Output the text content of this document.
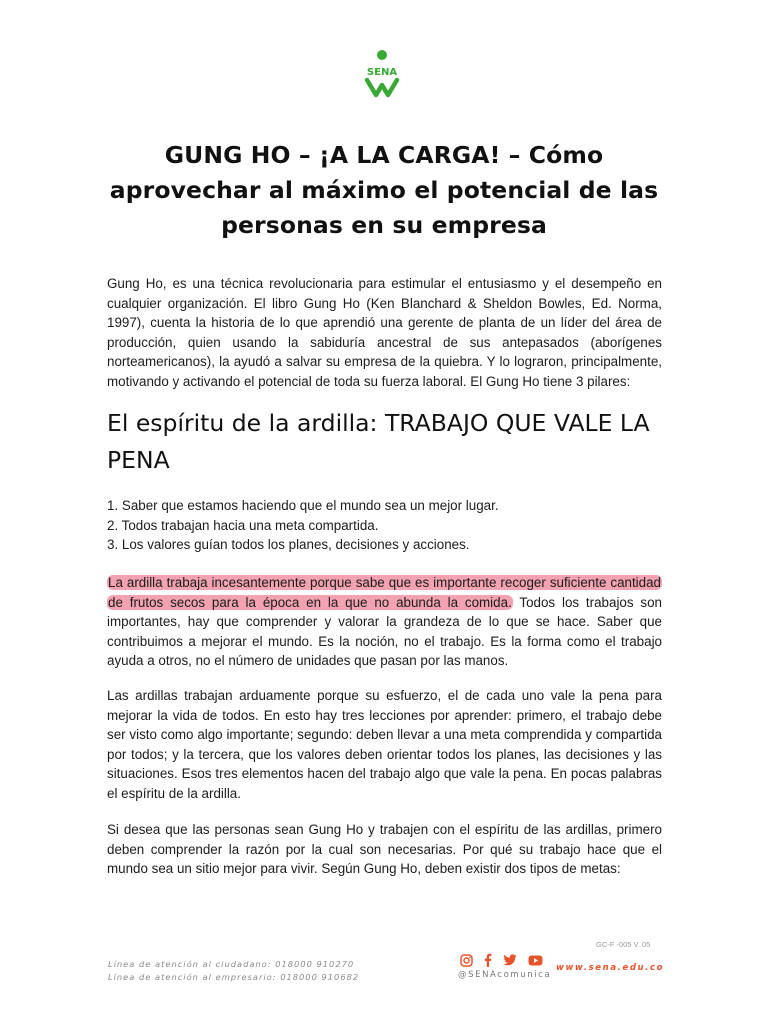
SENA
GUNG HO – ¡A LA CARGA! – Cómo aprovechar al máximo el potencial de las personas en su empresa

Gung Ho, es una técnica revolucionaria para estimular el entusiasmo y el desempeño en cualquier organización. El libro Gung Ho (Ken Blanchard & Sheldon Bowles, Ed. Norma, 1997), cuenta la historia de lo que aprendió una gerente de planta de un líder del área de producción, quien usando la sabiduría ancestral de sus antepasados (aborígenes norteamericanos), la ayudó a salvar su empresa de la quiebra. Y lo lograron, principalmente, motivando y activando el potencial de toda su fuerza laboral. El Gung Ho tiene 3 pilares:

El espíritu de la ardilla: TRABAJO QUE VALE LA PENA
1. Saber que estamos haciendo que el mundo sea un mejor lugar.
2. Todos trabajan hacia una meta compartida.
3. Los valores guían todos los planes, decisiones y acciones.

La ardilla trabaja incesantemente porque sabe que es importante recoger suficiente cantidad de frutos secos para la época en la que no abunda la comida. Todos los trabajos son importantes, hay que comprender y valorar la grandeza de lo que se hace. Saber que contribuimos a mejorar el mundo. Es la noción, no el trabajo. Es la forma como el trabajo ayuda a otros, no el número de unidades que pasan por las manos.

Las ardillas trabajan arduamente porque su esfuerzo, el de cada uno vale la pena para mejorar la vida de todos. En esto hay tres lecciones por aprender: primero, el trabajo debe ser visto como algo importante; segundo: deben llevar a una meta comprendida y compartida por todos; y la tercera, que los valores deben orientar todos los planes, las decisiones y las situaciones. Esos tres elementos hacen del trabajo algo que vale la pena. En pocas palabras el espíritu de la ardilla.

Si desea que las personas sean Gung Ho y trabajen con el espíritu de las ardillas, primero deben comprender la razón por la cual son necesarias. Por qué su trabajo hace que el mundo sea un sitio mejor para vivir. Según Gung Ho, deben existir dos tipos de metas:

GC-F -005 V. 05
Línea de atención al ciudadano: 018000 910270
Línea de atención al empresario: 018000 910682	@SENAcomunica
www.sena.edu.co
